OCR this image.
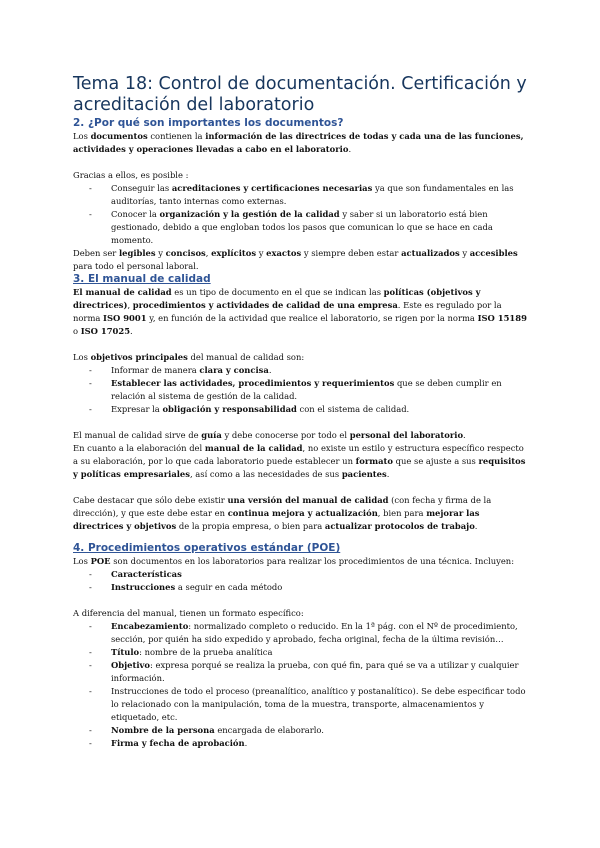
Tema 18: Control de documentación. Certificación y acreditación del laboratorio
2. ¿Por qué son importantes los documentos?

Los documentos contienen la información de las directrices de todas y cada una de las funciones, actividades y operaciones llevadas a cabo en el laboratorio.

Gracias a ellos, es posible :

- Conseguir las acreditaciones y certificaciones necesarias ya que son fundamentales en las auditorías, tanto internas como externas.
- Conocer la organización y la gestión de la calidad y saber si un laboratorio está bien gestionado, debido a que engloban todos los pasos que comunican lo que se hace en cada momento.

Deben ser legibles y concisos, explícitos y exactos y siempre deben estar actualizados y accesibles para todo el personal laboral.

3. El manual de calidad

El manual de calidad es un tipo de documento en el que se indican las políticas (objetivos y directrices), procedimientos y actividades de calidad de una empresa. Este es regulado por la norma ISO 9001 y, en función de la actividad que realice el laboratorio, se rigen por la norma ISO 15189 o ISO 17025.

Los objetivos principales del manual de calidad son:

- Informar de manera clara y concisa.
- Establecer las actividades, procedimientos y requerimientos que se deben cumplir en relación al sistema de gestión de la calidad.
- Expresar la obligación y responsabilidad con el sistema de calidad.

El manual de calidad sirve de guía y debe conocerse por todo el personal del laboratorio.

En cuanto a la elaboración del manual de la calidad, no existe un estilo y estructura específico respecto a su elaboración, por lo que cada laboratorio puede establecer un formato que se ajuste a sus requisitos y políticas empresariales, así como a las necesidades de sus pacientes.

Cabe destacar que sólo debe existir una versión del manual de calidad (con fecha y firma de la dirección), y que este debe estar en continua mejora y actualización, bien para mejorar las directrices y objetivos de la propia empresa, o bien para actualizar protocolos de trabajo.

4. Procedimientos operativos estándar (POE)

Los POE son documentos en los laboratorios para realizar los procedimientos de una técnica. Incluyen:

- Características
- Instrucciones a seguir en cada método

A diferencia del manual, tienen un formato específico:

- Encabezamiento: normalizado completo o reducido. En la 1ª pág. con el Nº de procedimiento, sección, por quién ha sido expedido y aprobado, fecha original, fecha de la última revisión…
- Título: nombre de la prueba analítica
- Objetivo: expresa porqué se realiza la prueba, con qué fin, para qué se va a utilizar y cualquier información.
- Instrucciones de todo el proceso (preanalítico, analítico y postanalítico). Se debe especificar todo lo relacionado con la manipulación, toma de la muestra, transporte, almacenamientos y etiquetado, etc.
- Nombre de la persona encargada de elaborarlo.
- Firma y fecha de aprobación.
